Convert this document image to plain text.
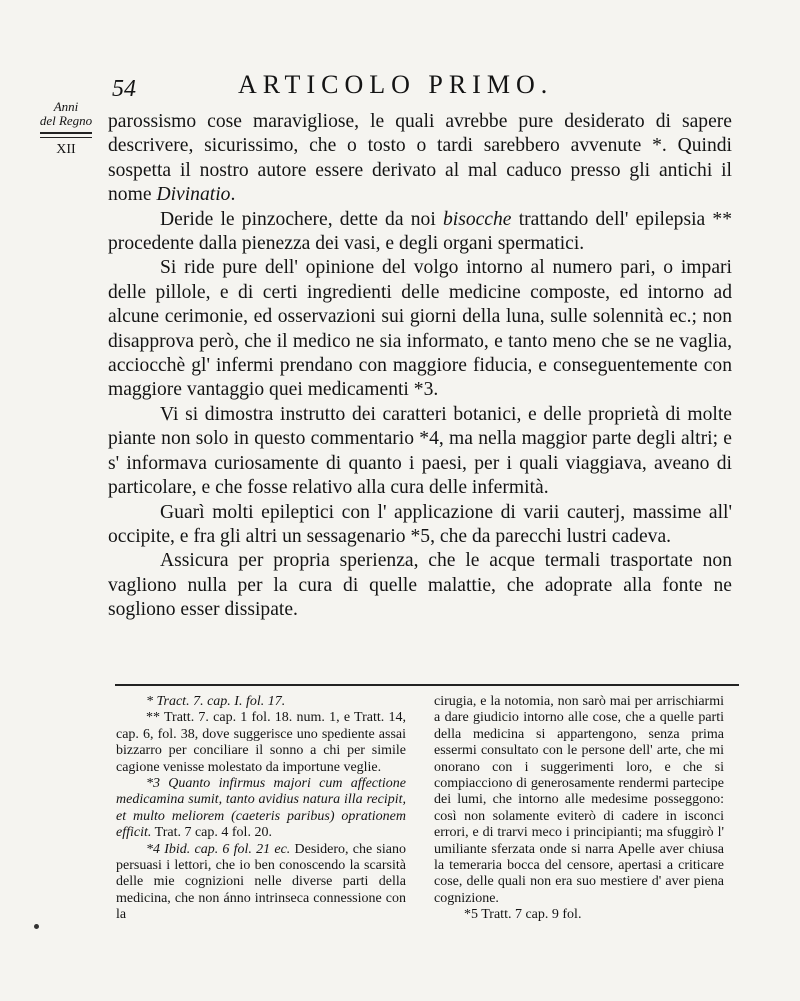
54	ARTICOLO PRIMO.
Anni
del Regno
XII

parossismo cose maravigliose, le quali avrebbe pure desiderato di sapere descrivere, sicurissimo, che o tosto o tardi sarebbero avvenute *. Quindi sospetta il nostro autore essere derivato al mal caduco presso gli antichi il nome Divinatio.

Deride le pinzochere, dette da noi bisocche trattando dell' epilepsia ** procedente dalla pienezza dei vasi, e degli organi spermatici.

Si ride pure dell' opinione del volgo intorno al numero pari, o impari delle pillole, e di certi ingredienti delle medicine composte, ed intorno ad alcune cerimonie, ed osservazioni sui giorni della luna, sulle solennità ec.; non disapprova però, che il medico ne sia informato, e tanto meno che se ne vaglia, acciocchè gl' infermi prendano con maggiore fiducia, e conseguentemente con maggiore vantaggio quei medicamenti *3.

Vi si dimostra instrutto dei caratteri botanici, e delle proprietà di molte piante non solo in questo commentario *4, ma nella maggior parte degli altri; e s' informava curiosamente di quanto i paesi, per i quali viaggiava, aveano di particolare, e che fosse relativo alla cura delle infermità.

Guarì molti epileptici con l' applicazione di varii cauterj, massime all' occipite, e fra gli altri un sessagenario *5, che da parecchi lustri cadeva.

Assicura per propria sperienza, che le acque termali trasportate non vagliono nulla per la cura di quelle malattie, che adoprate alla fonte ne sogliono esser dissipate.

* Tract. 7. cap. I. fol. 17.

** Tratt. 7. cap. 1 fol. 18. num. 1, e Tratt. 14, cap. 6, fol. 38, dove suggerisce uno spediente assai bizzarro per conciliare il sonno a chi per simile cagione venisse molestato da importune veglie.

*3 Quanto infirmus majori cum affectione medicamina sumit, tanto avidius natura illa recipit, et multo meliorem (caeteris paribus) oprationem efficit. Trat. 7 cap. 4 fol. 20.

*4 Ibid. cap. 6 fol. 21 ec. Desidero, che siano persuasi i lettori, che io ben conoscendo la scarsità delle mie cognizioni nelle diverse parti della medicina, che non ánno intrinseca connessione con la

cirugia, e la notomia, non sarò mai per arrischiarmi a dare giudicio intorno alle cose, che a quelle parti della medicina si appartengono, senza prima essermi consultato con le persone dell' arte, che mi onorano con i suggerimenti loro, e che si compiacciono di generosamente rendermi partecipe dei lumi, che intorno alle medesime posseggono: così non solamente eviterò di cadere in isconci errori, e di trarvi meco i principianti; ma sfuggirò l' umiliante sferzata onde si narra Apelle aver chiusa la temeraria bocca del censore, apertasi a criticare cose, delle quali non era suo mestiere d' aver piena cognizione.

*5 Tratt. 7 cap. 9 fol.
